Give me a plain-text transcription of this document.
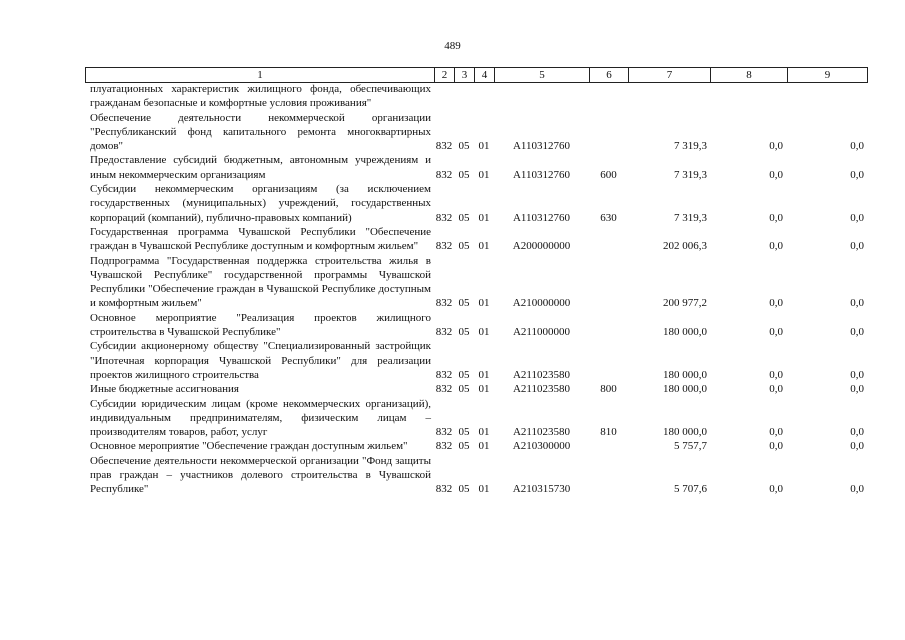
489
1	2	3	4	5	6	7	8	9
плуатационных характеристик жилищного фонда, обеспечивающих гражданам безопасные и комфортные условия проживания"								
Обеспечение деятельности некоммерческой организации "Республиканский фонд капитального ремонта многоквартирных домов"	832	05	01	А110312760		7 319,3	0,0	0,0
Предоставление субсидий бюджетным, автономным учреждениям и иным некоммерческим организациям	832	05	01	А110312760	600	7 319,3	0,0	0,0
Субсидии некоммерческим организациям (за исключением государственных (муниципальных) учреждений, государственных корпораций (компаний), публично-правовых компаний)	832	05	01	А110312760	630	7 319,3	0,0	0,0
Государственная программа Чувашской Республики "Обеспечение граждан в Чувашской Республике доступным и комфортным жильем"	832	05	01	А200000000		202 006,3	0,0	0,0
Подпрограмма "Государственная поддержка строительства жилья в Чувашской Республике" государственной программы Чувашской Республики "Обеспечение граждан в Чувашской Республике доступным и комфортным жильем"	832	05	01	А210000000		200 977,2	0,0	0,0
Основное мероприятие "Реализация проектов жилищного строительства в Чувашской Республике"	832	05	01	А211000000		180 000,0	0,0	0,0
Субсидии акционерному обществу "Специализированный застройщик "Ипотечная корпорация Чувашской Республики" для реализации проектов жилищного строительства	832	05	01	А211023580		180 000,0	0,0	0,0
Иные бюджетные ассигнования	832	05	01	А211023580	800	180 000,0	0,0	0,0
Субсидии юридическим лицам (кроме некоммерческих организаций), индивидуальным предпринимателям, физическим лицам – производителям товаров, работ, услуг	832	05	01	А211023580	810	180 000,0	0,0	0,0
Основное мероприятие "Обеспечение граждан доступным жильем"	832	05	01	А210300000		5 757,7	0,0	0,0
Обеспечение деятельности некоммерческой организации "Фонд защиты прав граждан – участников долевого строительства в Чувашской Республике"	832	05	01	А210315730		5 707,6	0,0	0,0
